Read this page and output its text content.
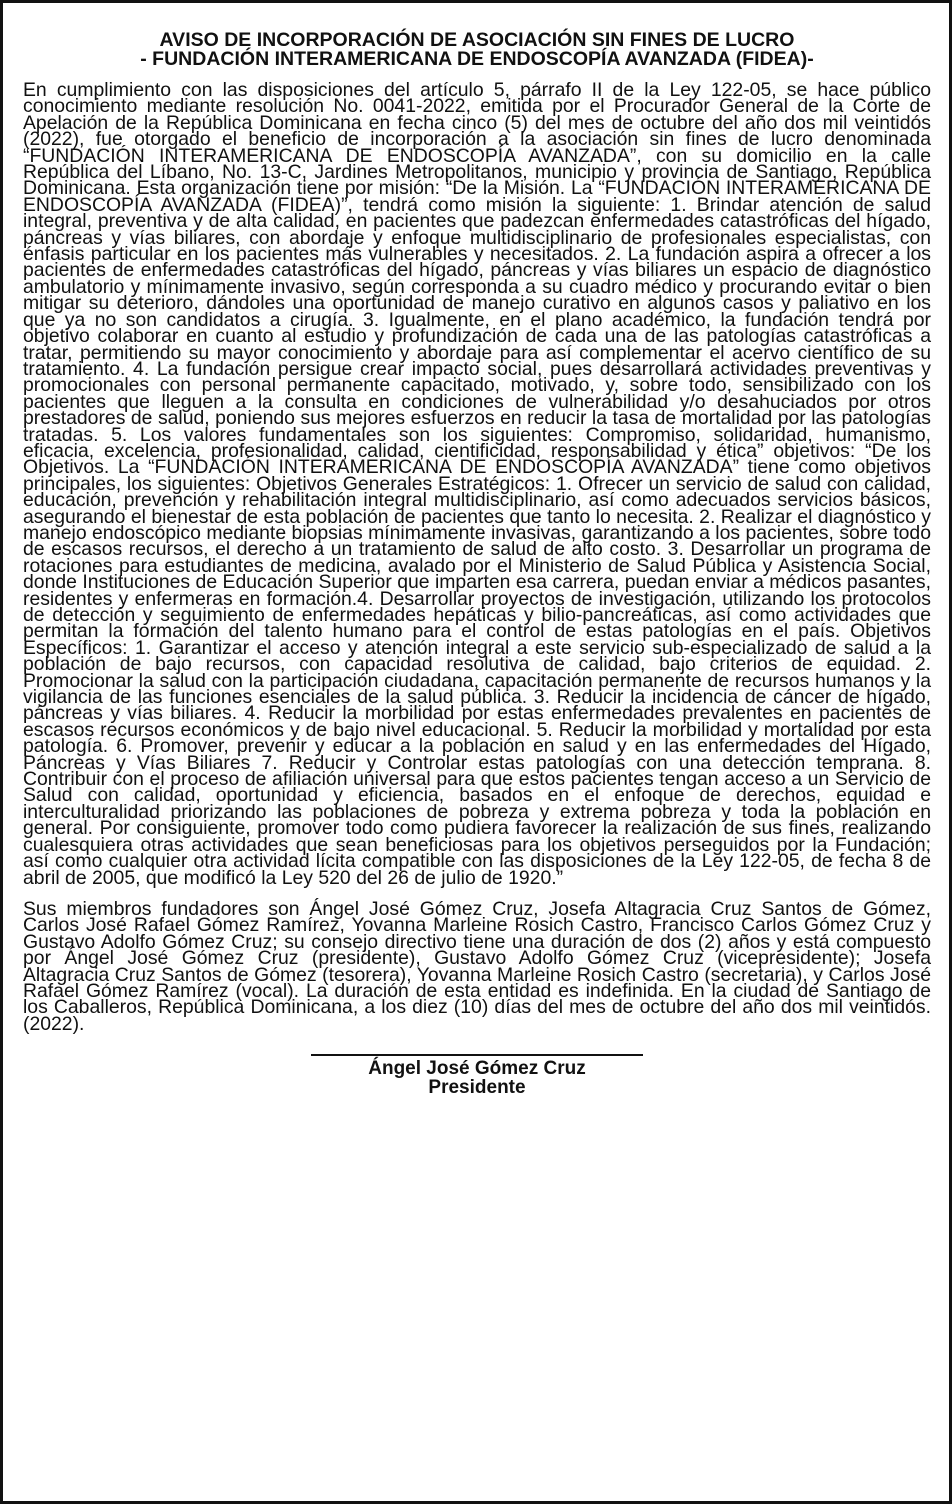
AVISO DE INCORPORACIÓN DE ASOCIACIÓN SIN FINES DE LUCRO
- FUNDACIÓN INTERAMERICANA DE ENDOSCOPÍA AVANZADA (FIDEA)-

En cumplimiento con las disposiciones del artículo 5, párrafo II de la Ley 122-05, se hace público conocimiento mediante resolución No. 0041-2022, emitida por el Procurador General de la Corte de Apelación de la República Dominicana en fecha cinco (5) del mes de octubre del año dos mil veintidós (2022), fue otorgado el beneficio de incorporación a la asociación sin fines de lucro denominada “FUNDACIÓN INTERAMERICANA DE ENDOSCOPÍA AVANZADA”, con su domicilio en la calle República del Líbano, No. 13-C, Jardines Metropolitanos, municipio y provincia de Santiago, República Dominicana. Esta organización tiene por misión: “De la Misión. La “FUNDACIÓN INTERAMERICANA DE ENDOSCOPÍA AVANZADA (FIDEA)”, tendrá como misión la siguiente: 1. Brindar atención de salud integral, preventiva y de alta calidad, en pacientes que padezcan enfermedades catastróficas del hígado, páncreas y vías biliares, con abordaje y enfoque multidisciplinario de profesionales especialistas, con énfasis particular en los pacientes más vulnerables y necesitados. 2. La fundación aspira a ofrecer a los pacientes de enfermedades catastróficas del hígado, páncreas y vías biliares un espacio de diagnóstico ambulatorio y mínimamente invasivo, según corresponda a su cuadro médico y procurando evitar o bien mitigar su deterioro, dándoles una oportunidad de manejo curativo en algunos casos y paliativo en los que ya no son candidatos a cirugía. 3. Igualmente, en el plano académico, la fundación tendrá por objetivo colaborar en cuanto al estudio y profundización de cada una de las patologías catastróficas a tratar, permitiendo su mayor conocimiento y abordaje para así complementar el acervo científico de su tratamiento. 4. La fundación persigue crear impacto social, pues desarrollará actividades preventivas y promocionales con personal permanente capacitado, motivado, y, sobre todo, sensibilizado con los pacientes que lleguen a la consulta en condiciones de vulnerabilidad y/o desahuciados por otros prestadores de salud, poniendo sus mejores esfuerzos en reducir la tasa de mortalidad por las patologías tratadas. 5. Los valores fundamentales son los siguientes: Compromiso, solidaridad, humanismo, eficacia, excelencia, profesionalidad, calidad, cientificidad, responsabilidad y ética” objetivos: “De los Objetivos. La “FUNDACIÓN INTERAMERICANA DE ENDOSCOPÍA AVANZADA” tiene como objetivos principales, los siguientes: Objetivos Generales Estratégicos: 1. Ofrecer un servicio de salud con calidad, educación, prevención y rehabilitación integral multidisciplinario, así como adecuados servicios básicos, asegurando el bienestar de esta población de pacientes que tanto lo necesita. 2. Realizar el diagnóstico y manejo endoscópico mediante biopsias mínimamente invasivas, garantizando a los pacientes, sobre todo de escasos recursos, el derecho a un tratamiento de salud de alto costo. 3. Desarrollar un programa de rotaciones para estudiantes de medicina, avalado por el Ministerio de Salud Pública y Asistencia Social, donde Instituciones de Educación Superior que imparten esa carrera, puedan enviar a médicos pasantes, residentes y enfermeras en formación.4. Desarrollar proyectos de investigación, utilizando los protocolos de detección y seguimiento de enfermedades hepáticas y bilio-pancreáticas, así como actividades que permitan la formación del talento humano para el control de estas patologías en el país. Objetivos Específicos: 1. Garantizar el acceso y atención integral a este servicio sub-especializado de salud a la población de bajo recursos, con capacidad resolutiva de calidad, bajo criterios de equidad. 2. Promocionar la salud con la participación ciudadana, capacitación permanente de recursos humanos y la vigilancia de las funciones esenciales de la salud pública. 3. Reducir la incidencia de cáncer de hígado, páncreas y vías biliares. 4. Reducir la morbilidad por estas enfermedades prevalentes en pacientes de escasos recursos económicos y de bajo nivel educacional. 5. Reducir la morbilidad y mortalidad por esta patología. 6. Promover, prevenir y educar a la población en salud y en las enfermedades del Hígado, Páncreas y Vías Biliares 7. Reducir y Controlar estas patologías con una detección temprana. 8. Contribuir con el proceso de afiliación universal para que estos pacientes tengan acceso a un Servicio de Salud con calidad, oportunidad y eficiencia, basados en el enfoque de derechos, equidad e interculturalidad priorizando las poblaciones de pobreza y extrema pobreza y toda la población en general. Por consiguiente, promover todo como pudiera favorecer la realización de sus fines, realizando cualesquiera otras actividades que sean beneficiosas para los objetivos perseguidos por la Fundación; así como cualquier otra actividad lícita compatible con las disposiciones de la Ley 122-05, de fecha 8 de abril de 2005, que modificó la Ley 520 del 26 de julio de 1920.”

Sus miembros fundadores son Ángel José Gómez Cruz, Josefa Altagracia Cruz Santos de Gómez, Carlos José Rafael Gómez Ramírez, Yovanna Marleine Rosich Castro, Francisco Carlos Gómez Cruz y Gustavo Adolfo Gómez Cruz; su consejo directivo tiene una duración de dos (2) años y está compuesto por Ángel José Gómez Cruz (presidente), Gustavo Adolfo Gómez Cruz (vicepresidente); Josefa Altagracia Cruz Santos de Gómez (tesorera), Yovanna Marleine Rosich Castro (secretaria), y Carlos José Rafael Gómez Ramírez (vocal). La duración de esta entidad es indefinida. En la ciudad de Santiago de los Caballeros, República Dominicana, a los diez (10) días del mes de octubre del año dos mil veintidós. (2022).

Ángel José Gómez Cruz
Presidente
